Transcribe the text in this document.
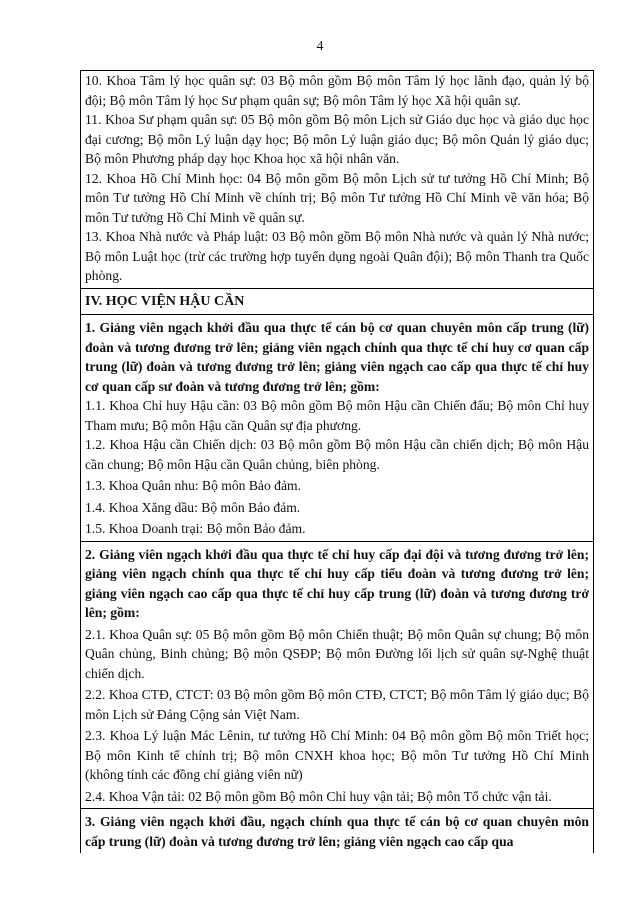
4

10. Khoa Tâm lý học quân sự: 03 Bộ môn gồm Bộ môn Tâm lý học lãnh đạo, quản lý bộ đội; Bộ môn Tâm lý học Sư phạm quân sự; Bộ môn Tâm lý học Xã hội quân sự.

11. Khoa Sư phạm quân sự: 05 Bộ môn gồm Bộ môn Lịch sử Giáo dục học và giáo dục học đại cương; Bộ môn Lý luận dạy học; Bộ môn Lý luận giáo dục; Bộ môn Quản lý giáo dục; Bộ môn Phương pháp dạy học Khoa học xã hội nhân văn.

12. Khoa Hồ Chí Minh học: 04 Bộ môn gồm Bộ môn Lịch sử tư tưởng Hồ Chí Minh; Bộ môn Tư tưởng Hồ Chí Minh về chính trị; Bộ môn Tư tưởng Hồ Chí Minh về văn hóa; Bộ môn Tư tưởng Hồ Chí Minh về quân sự.

13. Khoa Nhà nước và Pháp luật: 03 Bộ môn gồm Bộ môn Nhà nước và quản lý Nhà nước; Bộ môn Luật học (trừ các trường hợp tuyển dụng ngoài Quân đội); Bộ môn Thanh tra Quốc phòng.

IV. HỌC VIỆN HẬU CẦN

1. Giảng viên ngạch khởi đầu qua thực tế cán bộ cơ quan chuyên môn cấp trung (lữ) đoàn và tương đương trở lên; giảng viên ngạch chính qua thực tế chỉ huy cơ quan cấp trung (lữ) đoàn và tương đương trở lên; giảng viên ngạch cao cấp qua thực tế chỉ huy cơ quan cấp sư đoàn và tương đương trở lên; gồm:

1.1. Khoa Chỉ huy Hậu cần: 03 Bộ môn gồm Bộ môn Hậu cần Chiến đấu; Bộ môn Chỉ huy Tham mưu; Bộ môn Hậu cần Quân sự địa phương.

1.2. Khoa Hậu cần Chiến dịch: 03 Bộ môn gồm Bộ môn Hậu cần chiến dịch; Bộ môn Hậu cần chung; Bộ môn Hậu cần Quân chủng, biên phòng.

1.3. Khoa Quân nhu: Bộ môn Bảo đảm.

1.4. Khoa Xăng dầu: Bộ môn Bảo đảm.

1.5. Khoa Doanh trại: Bộ môn Bảo đảm.

2. Giảng viên ngạch khởi đầu qua thực tế chỉ huy cấp đại đội và tương đương trở lên; giảng viên ngạch chính qua thực tế chỉ huy cấp tiểu đoàn và tương đương trở lên; giảng viên ngạch cao cấp qua thực tế chỉ huy cấp trung (lữ) đoàn và tương đương trở lên; gồm:

2.1. Khoa Quân sự: 05 Bộ môn gồm Bộ môn Chiến thuật; Bộ môn Quân sự chung; Bộ môn Quân chủng, Binh chủng; Bộ môn QSĐP; Bộ môn Đường lối lịch sử quân sự-Nghệ thuật chiến dịch.

2.2. Khoa CTĐ, CTCT: 03 Bộ môn gồm Bộ môn CTĐ, CTCT; Bộ môn Tâm lý giáo dục; Bộ môn Lịch sử Đảng Cộng sản Việt Nam.

2.3. Khoa Lý luận Mác Lênin, tư tưởng Hồ Chí Minh: 04 Bộ môn gồm Bộ môn Triết học; Bộ môn Kinh tế chính trị; Bộ môn CNXH khoa học; Bộ môn Tư tưởng Hồ Chí Minh (không tính các đồng chí giảng viên nữ)

2.4. Khoa Vận tải: 02 Bộ môn gồm Bộ môn Chỉ huy vận tải; Bộ môn Tổ chức vận tải.

3. Giảng viên ngạch khởi đầu, ngạch chính qua thực tế cán bộ cơ quan chuyên môn cấp trung (lữ) đoàn và tương đương trở lên; giảng viên ngạch cao cấp qua
